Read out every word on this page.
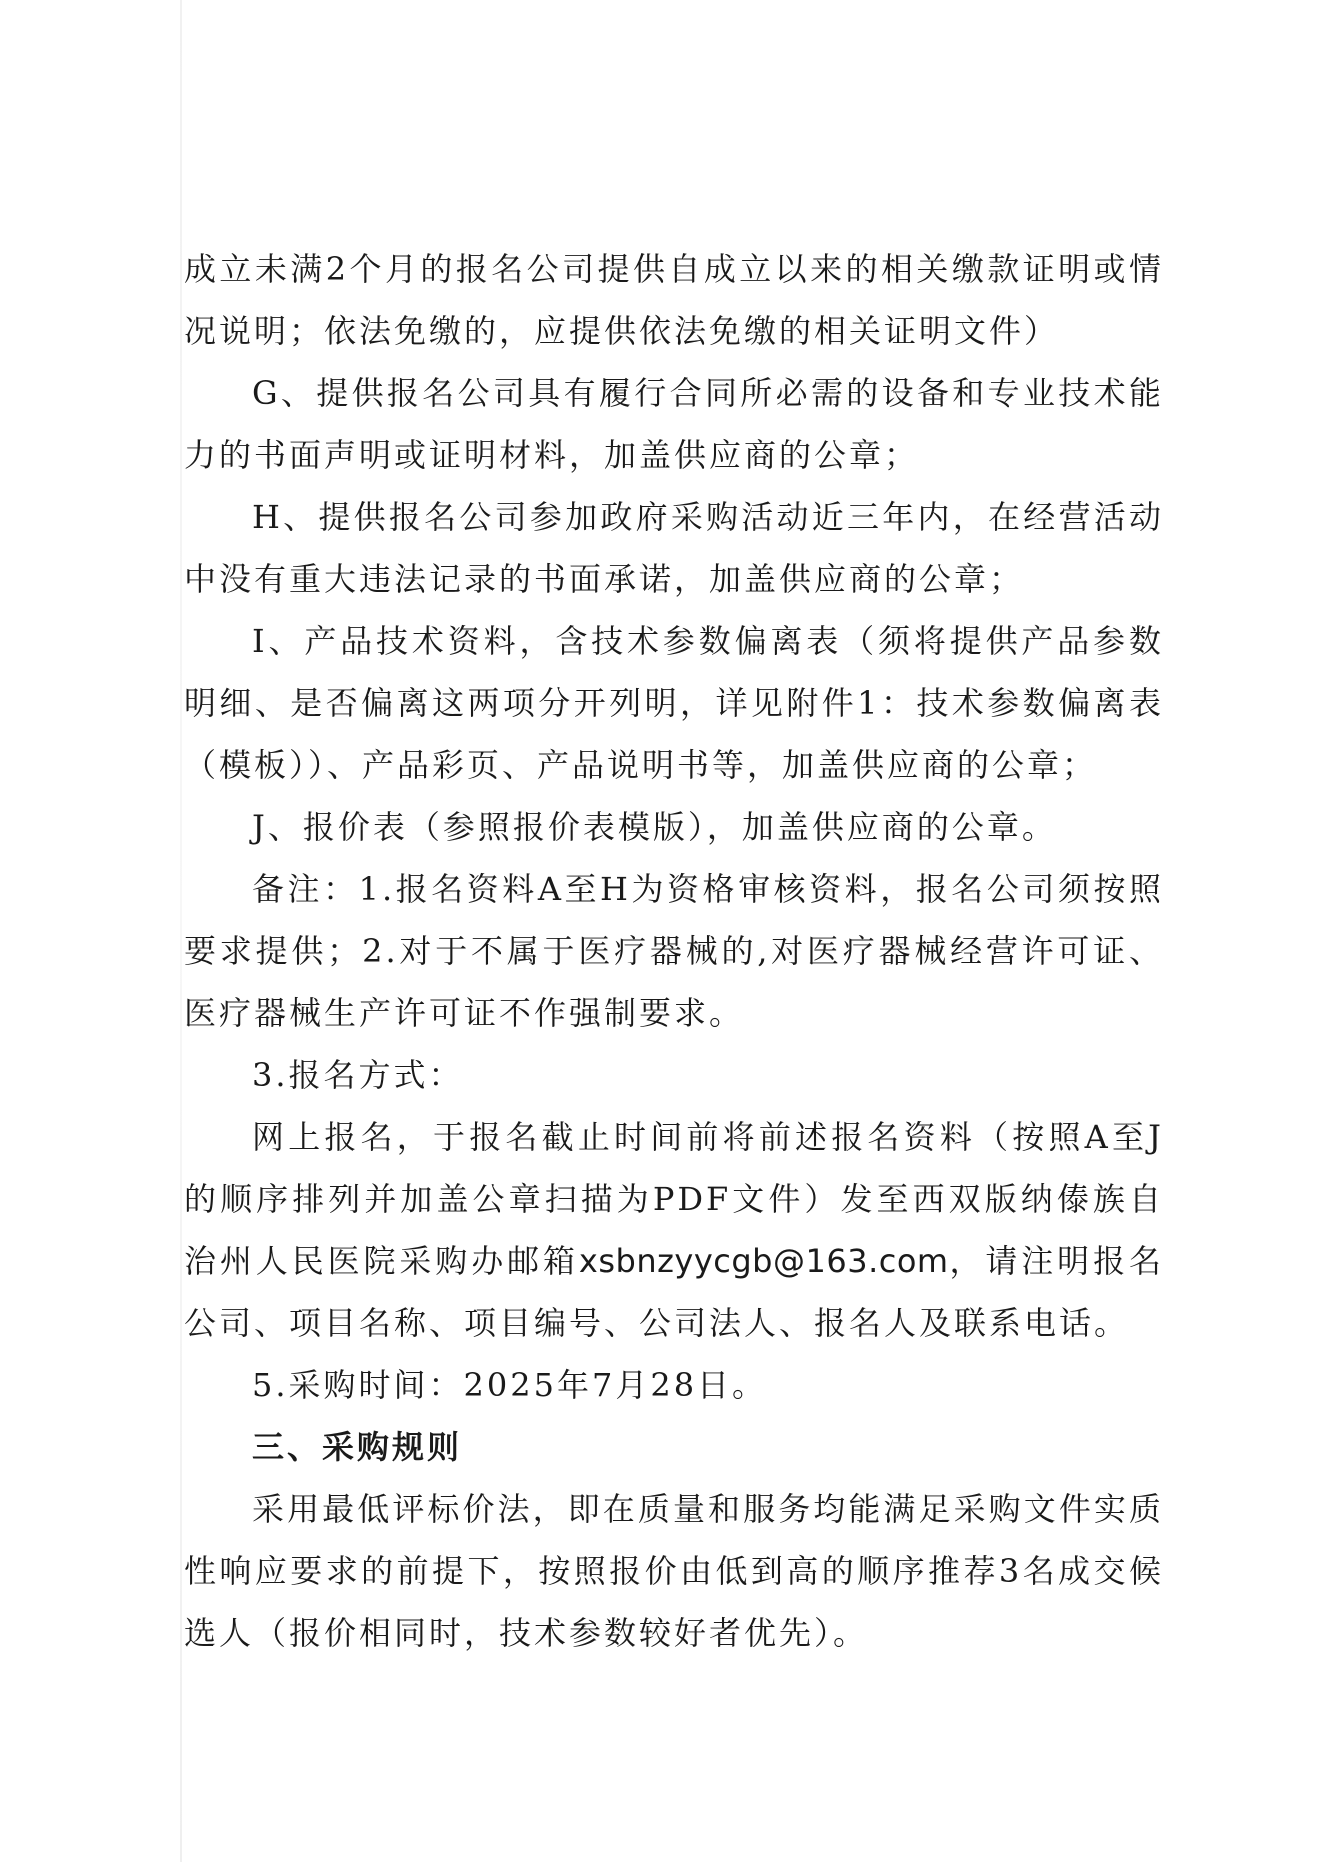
成立未满2个月的报名公司提供自成立以来的相关缴款证明或情况说明；依法免缴的，应提供依法免缴的相关证明文件）

G、提供报名公司具有履行合同所必需的设备和专业技术能力的书面声明或证明材料，加盖供应商的公章；

H、提供报名公司参加政府采购活动近三年内，在经营活动中没有重大违法记录的书面承诺，加盖供应商的公章；

I、产品技术资料，含技术参数偏离表（须将提供产品参数明细、是否偏离这两项分开列明，详见附件1：技术参数偏离表（模板））、产品彩页、产品说明书等，加盖供应商的公章；

J、报价表（参照报价表模版），加盖供应商的公章。

备注：1.报名资料A至H为资格审核资料，报名公司须按照要求提供；2.对于不属于医疗器械的,对医疗器械经营许可证、医疗器械生产许可证不作强制要求。

3.报名方式：

网上报名，于报名截止时间前将前述报名资料（按照A至J的顺序排列并加盖公章扫描为PDF文件）发至西双版纳傣族自治州人民医院采购办邮箱xsbnzyycgb@163.com，请注明报名公司、项目名称、项目编号、公司法人、报名人及联系电话。

5.采购时间：2025年7月28日。

三、采购规则

采用最低评标价法，即在质量和服务均能满足采购文件实质性响应要求的前提下，按照报价由低到高的顺序推荐3名成交候选人（报价相同时，技术参数较好者优先）。
